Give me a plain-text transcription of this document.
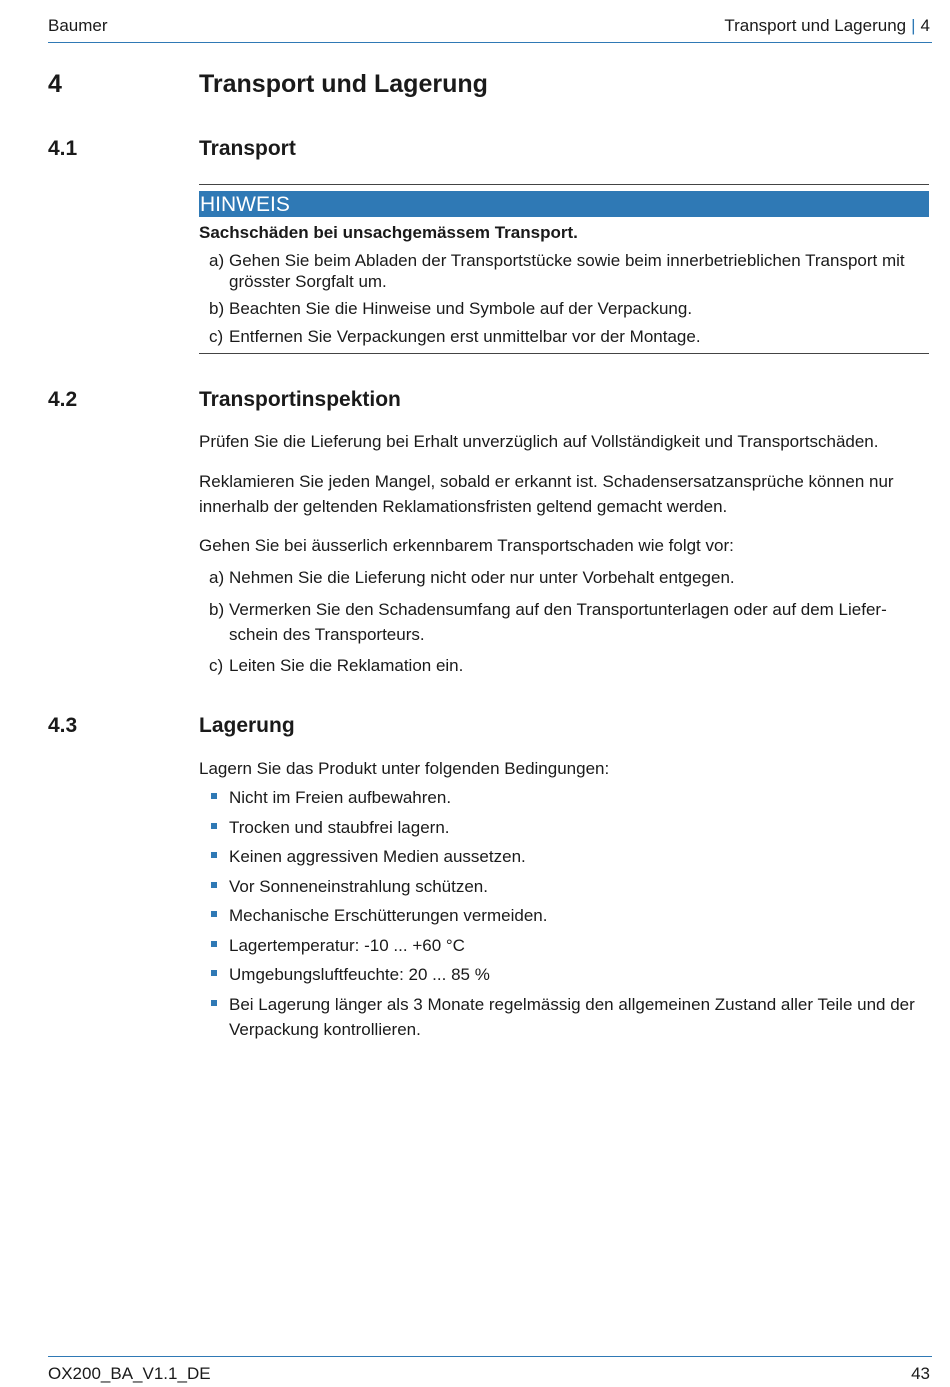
Baumer	Transport und Lagerung | 4
4	Transport und Lagerung
4.1	Transport
HINWEIS
Sachschäden bei unsachgemässem Transport.
a) Gehen Sie beim Abladen der Transportstücke sowie beim innerbetrieblichen Transport mit grösster Sorgfalt um.
b) Beachten Sie die Hinweise und Symbole auf der Verpackung.
c) Entfernen Sie Verpackungen erst unmittelbar vor der Montage.
4.2	Transportinspektion
Prüfen Sie die Lieferung bei Erhalt unverzüglich auf Vollständigkeit und Transportschäden.
Reklamieren Sie jeden Mangel, sobald er erkannt ist. Schadensersatzansprüche können nur innerhalb der geltenden Reklamationsfristen geltend gemacht werden.
Gehen Sie bei äusserlich erkennbarem Transportschaden wie folgt vor:
a) Nehmen Sie die Lieferung nicht oder nur unter Vorbehalt entgegen.
b) Vermerken Sie den Schadensumfang auf den Transportunterlagen oder auf dem Lieferschein des Transporteurs.
c) Leiten Sie die Reklamation ein.
4.3	Lagerung
Lagern Sie das Produkt unter folgenden Bedingungen:
Nicht im Freien aufbewahren.
Trocken und staubfrei lagern.
Keinen aggressiven Medien aussetzen.
Vor Sonneneinstrahlung schützen.
Mechanische Erschütterungen vermeiden.
Lagertemperatur: -10 ... +60 °C
Umgebungsluftfeuchte: 20 ... 85 %
Bei Lagerung länger als 3 Monate regelmässig den allgemeinen Zustand aller Teile und der Verpackung kontrollieren.
OX200_BA_V1.1_DE	43
